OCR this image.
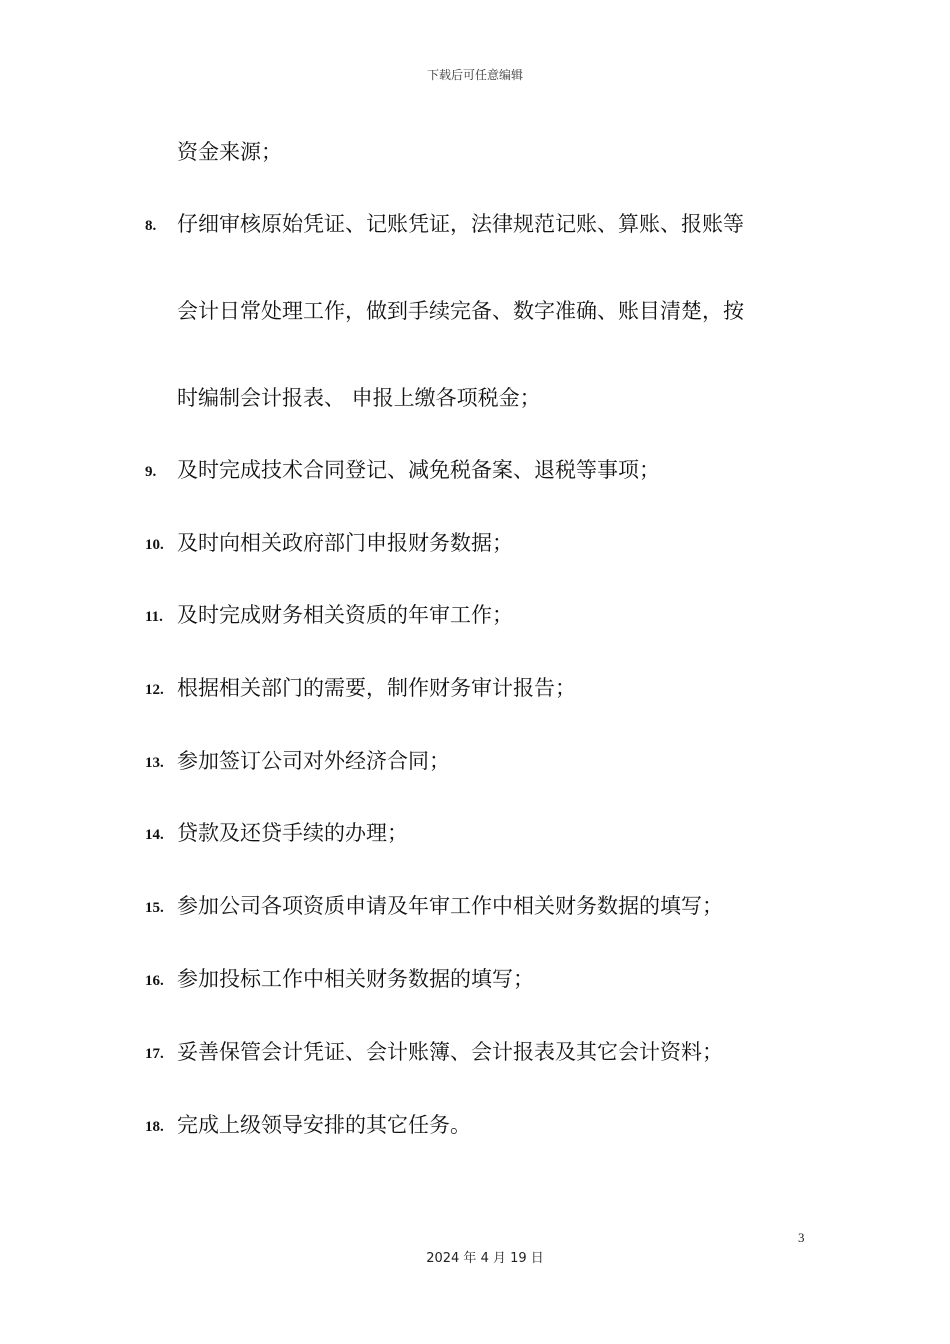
下载后可任意编辑
资金来源；
8. 仔细审核原始凭证、记账凭证，法律规范记账、算账、报账等
会计日常处理工作，做到手续完备、数字准确、账目清楚，按
时编制会计报表、 申报上缴各项税金；
9. 及时完成技术合同登记、减免税备案、退税等事项；
10. 及时向相关政府部门申报财务数据；
11. 及时完成财务相关资质的年审工作；
12. 根据相关部门的需要，制作财务审计报告；
13. 参加签订公司对外经济合同；
14. 贷款及还贷手续的办理；
15. 参加公司各项资质申请及年审工作中相关财务数据的填写；
16. 参加投标工作中相关财务数据的填写；
17. 妥善保管会计凭证、会计账簿、会计报表及其它会计资料；
18. 完成上级领导安排的其它任务。
3
2024 年 4 月 19 日
